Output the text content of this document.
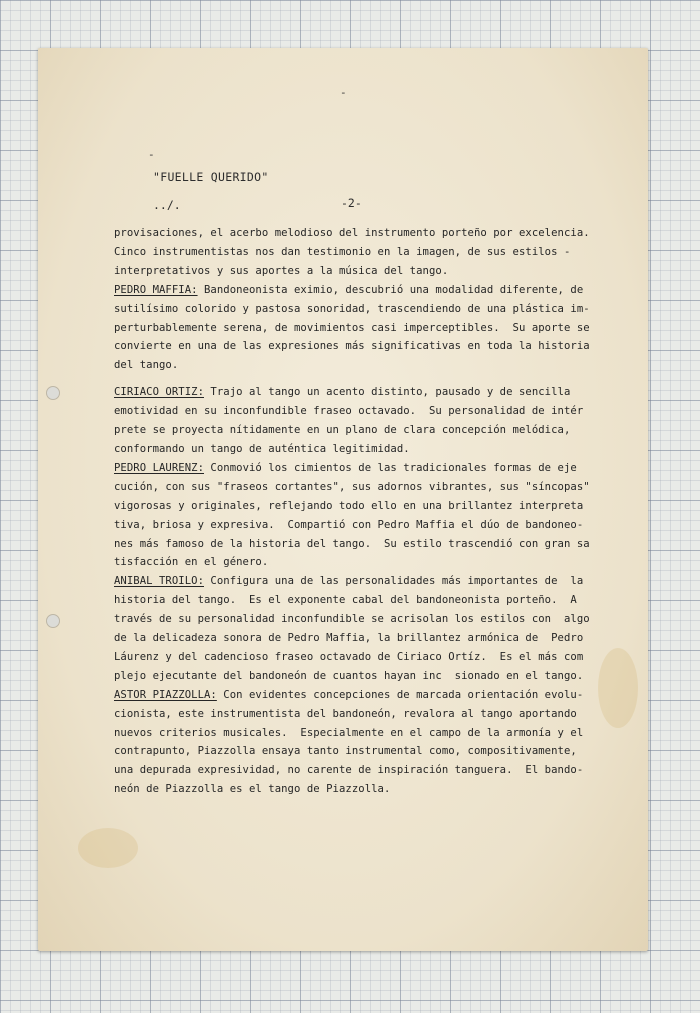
-
-
"FUELLE QUERIDO"
../.	-2-
provisaciones, el acerbo melodioso del instrumento porteño por excelencia.
Cinco instrumentistas nos dan testimonio en la imagen, de sus estilos -
interpretativos y sus aportes a la música del tango.
PEDRO MAFFIA: Bandoneonista eximio, descubrió una modalidad diferente, de
sutilísimo colorido y pastosa sonoridad, trascendiendo de una plástica im-
perturbablemente serena, de movimientos casi imperceptibles.  Su aporte se
convierte en una de las expresiones más significativas en toda la historia
del tango.
CIRIACO ORTIZ: Trajo al tango un acento distinto, pausado y de sencilla
emotividad en su inconfundible fraseo octavado.  Su personalidad de intér
prete se proyecta nítidamente en un plano de clara concepción melódica,
conformando un tango de auténtica legitimidad.
PEDRO LAURENZ: Conmovió los cimientos de las tradicionales formas de eje
cución, con sus "fraseos cortantes", sus adornos vibrantes, sus "síncopas"
vigorosas y originales, reflejando todo ello en una brillantez interpreta
tiva, briosa y expresiva.  Compartió con Pedro Maffia el dúo de bandoneo-
nes más famoso de la historia del tango.  Su estilo trascendió con gran sa
tisfacción en el género.
ANIBAL TROILO: Configura una de las personalidades más importantes de  la
historia del tango.  Es el exponente cabal del bandoneonista porteño.  A
través de su personalidad inconfundible se acrisolan los estilos con  algo
de la delicadeza sonora de Pedro Maffia, la brillantez armónica de  Pedro
Láurenz y del cadencioso fraseo octavado de Ciriaco Ortíz.  Es el más com
plejo ejecutante del bandoneón de cuantos hayan inc  sionado en el tango.
ASTOR PIAZZOLLA: Con evidentes concepciones de marcada orientación evolu-
cionista, este instrumentista del bandoneón, revalora al tango aportando
nuevos criterios musicales.  Especialmente en el campo de la armonía y el
contrapunto, Piazzolla ensaya tanto instrumental como, compositivamente,
una depurada expresividad, no carente de inspiración tanguera.  El bando-
neón de Piazzolla es el tango de Piazzolla.
